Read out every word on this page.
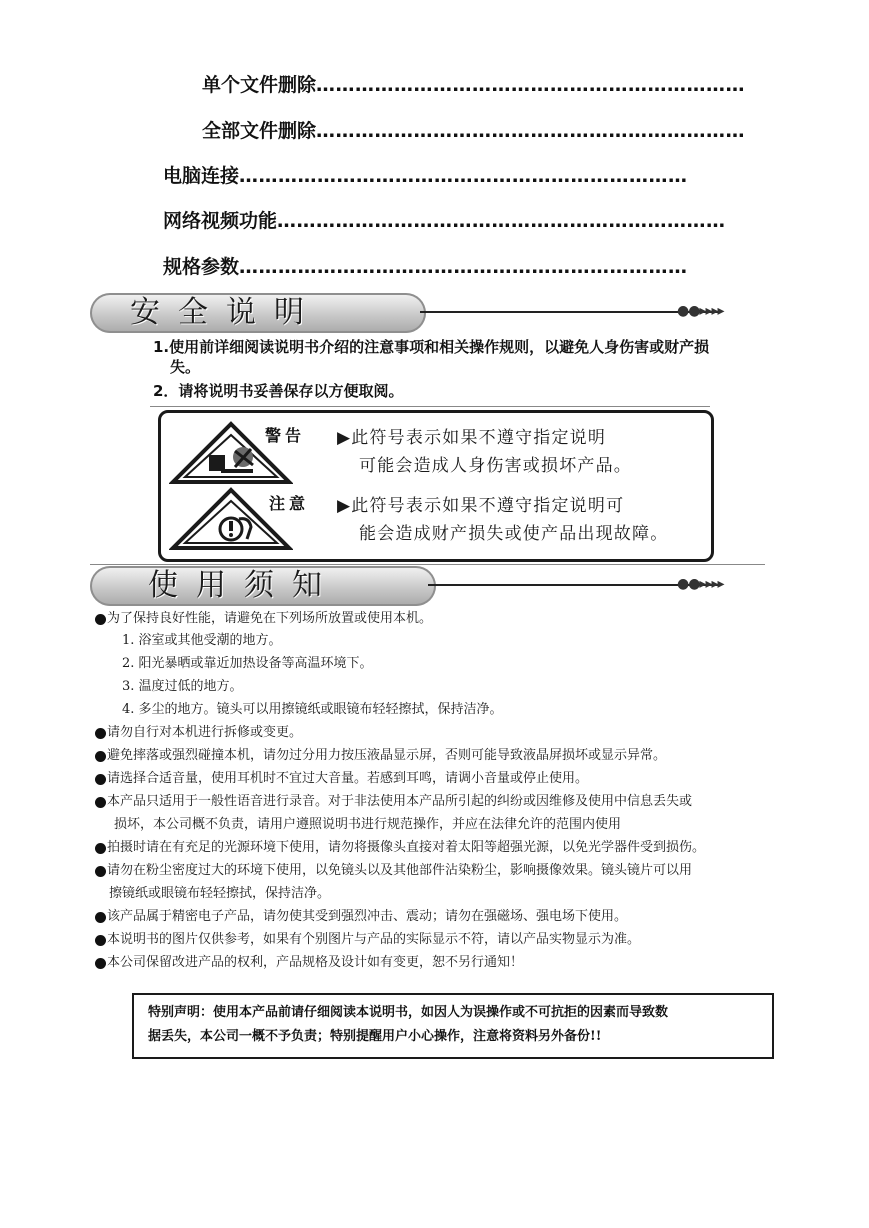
单个文件删除…………………………………………………………
全部文件删除…………………………………………………………
电脑连接……………………………………………………………
网络视频功能……………………………………………………………
规格参数……………………………………………………………
安全说明	●●▸▸▸▸
1.使用前详细阅读说明书介绍的注意事项和相关操作规则，以避免人身伤害或财产损
失。
2．请将说明书妥善保存以方便取阅。
警告 ▶此符号表示如果不遵守指定说明
可能会造成人身伤害或损坏产品。
注意 ▶此符号表示如果不遵守指定说明可
能会造成财产损失或使产品出现故障。
使用须知	●●▸▸▸▸
为了保持良好性能，请避免在下列场所放置或使用本机。
1. 浴室或其他受潮的地方。
2. 阳光暴晒或靠近加热设备等高温环境下。
3. 温度过低的地方。
4. 多尘的地方。镜头可以用擦镜纸或眼镜布轻轻擦拭，保持洁净。
请勿自行对本机进行拆修或变更。
避免摔落或强烈碰撞本机，请勿过分用力按压液晶显示屏，否则可能导致液晶屏损坏或显示异常。
请选择合适音量，使用耳机时不宜过大音量。若感到耳鸣，请调小音量或停止使用。
本产品只适用于一般性语音进行录音。对于非法使用本产品所引起的纠纷或因维修及使用中信息丢失或
损坏，本公司概不负责，请用户遵照说明书进行规范操作，并应在法律允许的范围内使用
拍摄时请在有充足的光源环境下使用，请勿将摄像头直接对着太阳等超强光源，以免光学器件受到损伤。
请勿在粉尘密度过大的环境下使用，以免镜头以及其他部件沾染粉尘，影响摄像效果。镜头镜片可以用
擦镜纸或眼镜布轻轻擦拭，保持洁净。
该产品属于精密电子产品，请勿使其受到强烈冲击、震动；请勿在强磁场、强电场下使用。
本说明书的图片仅供参考，如果有个别图片与产品的实际显示不符，请以产品实物显示为准。
本公司保留改进产品的权利，产品规格及设计如有变更，恕不另行通知！
特别声明：使用本产品前请仔细阅读本说明书，如因人为误操作或不可抗拒的因素而导致数
据丢失，本公司一概不予负责；特别提醒用户小心操作，注意将资料另外备份!!
